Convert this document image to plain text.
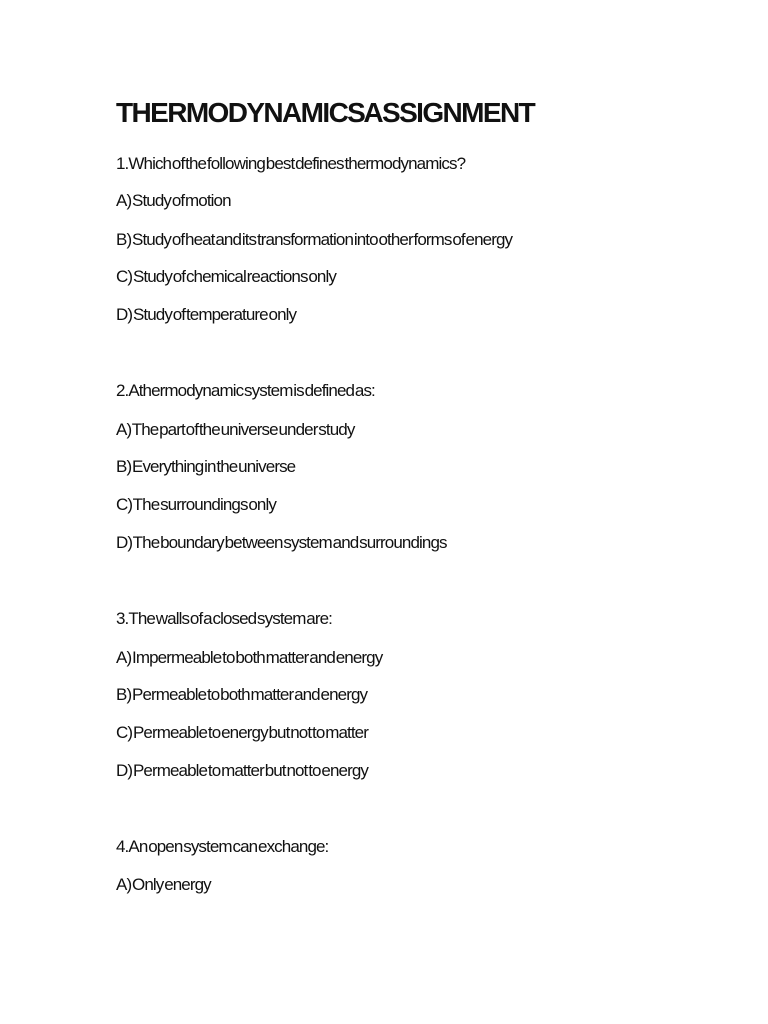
THERMODYNAMICS ASSIGNMENT

1.Which of the following best defines thermodynamics?

A) Study of motion

B) Study of heat and its transformation into other forms of energy

C) Study of chemical reactions only

D) Study of temperature only

2.A thermodynamic system is defined as:

A) The part of the universe under study

B) Everything in the universe

C) The surroundings only

D) The boundary between system and surroundings

3.The walls of a closed system are:

A) Impermeable to both matter and energy

B) Permeable to both matter and energy

C) Permeable to energy but not to matter

D) Permeable to matter but not to energy

4.An open system can exchange:

A) Only energy
